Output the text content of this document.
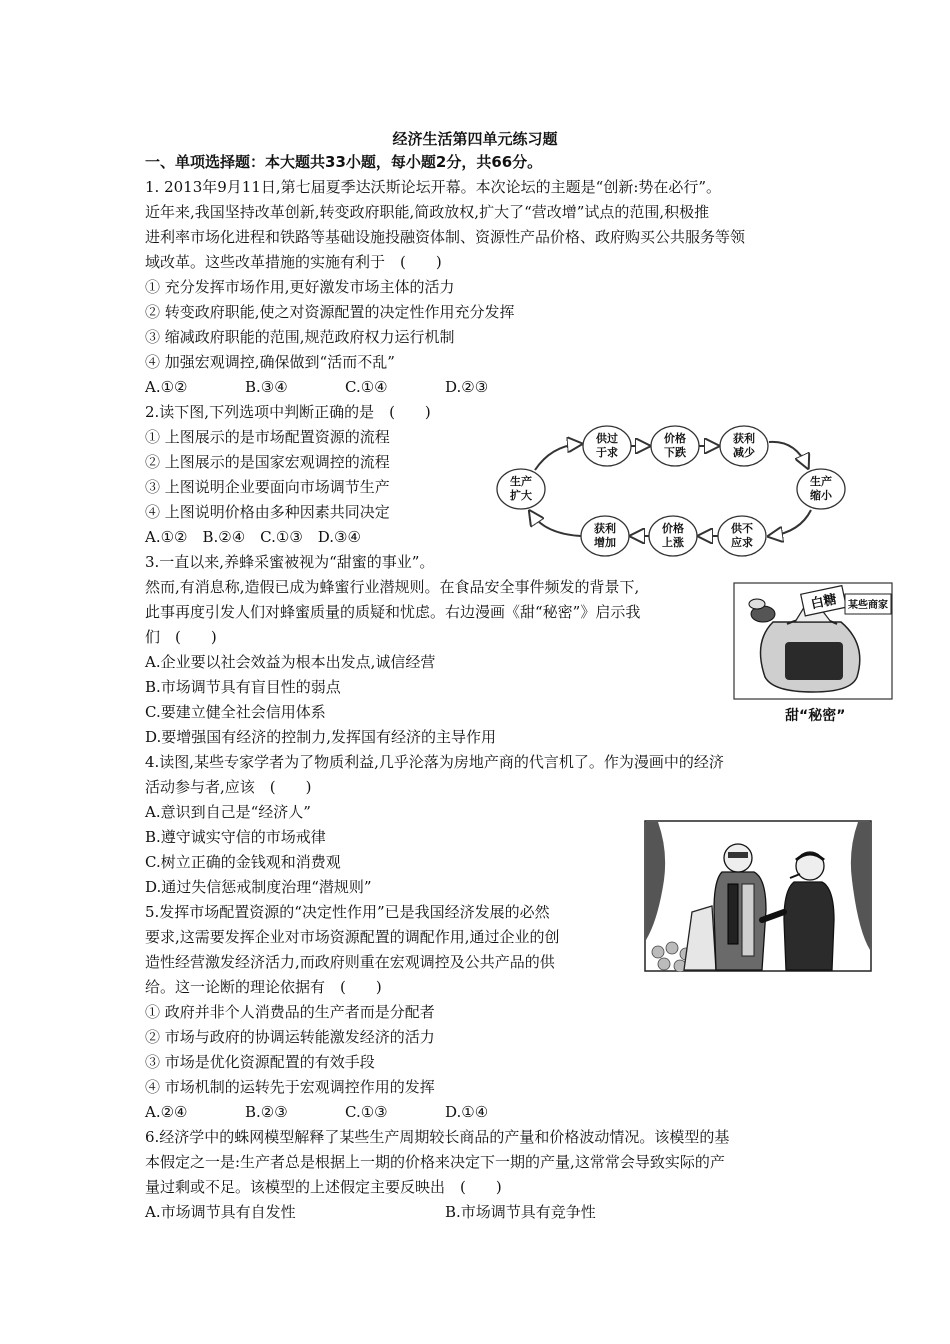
经济生活第四单元练习题
一、单项选择题：本大题共33小题，每小题2分，共66分。
1. 2013年9月11日,第七届夏季达沃斯论坛开幕。本次论坛的主题是“创新:势在必行”。
近年来,我国坚持改革创新,转变政府职能,简政放权,扩大了“营改增”试点的范围,积极推
进利率市场化进程和铁路等基础设施投融资体制、资源性产品价格、政府购买公共服务等领
域改革。这些改革措施的实施有利于　(　　)
① 充分发挥市场作用,更好激发市场主体的活力
② 转变政府职能,使之对资源配置的决定性作用充分发挥
③ 缩减政府职能的范围,规范政府权力运行机制
④ 加强宏观调控,确保做到“活而不乱”
A.①②	B.③④	C.①④	D.②③
2.读下图,下列选项中判断正确的是　(　　)
① 上图展示的是市场配置资源的流程
② 上图展示的是国家宏观调控的流程
③ 上图说明企业要面向市场调节生产
④ 上图说明价格由多种因素共同决定
A.①②　B.②④　C.①③　D.③④
供过
于求
价格
下跌
获利
减少
生产
缩小
供不
应求
价格
上涨
获利
增加
生产
扩大
3.一直以来,养蜂采蜜被视为“甜蜜的事业”。
然而,有消息称,造假已成为蜂蜜行业潜规则。在食品安全事件频发的背景下,
此事再度引发人们对蜂蜜质量的质疑和忧虑。右边漫画《甜“秘密”》启示我
们　(　　)
A.企业要以社会效益为根本出发点,诚信经营
B.市场调节具有盲目性的弱点
C.要建立健全社会信用体系
D.要增强国有经济的控制力,发挥国有经济的主导作用
白糖 某些商家
甜“秘密”
4.读图,某些专家学者为了物质利益,几乎沦落为房地产商的代言机了。作为漫画中的经济
活动参与者,应该　(　　)
A.意识到自己是“经济人”
B.遵守诚实守信的市场戒律
C.树立正确的金钱观和消费观
D.通过失信惩戒制度治理“潜规则”
5.发挥市场配置资源的“决定性作用”已是我国经济发展的必然
要求,这需要发挥企业对市场资源配置的调配作用,通过企业的创
造性经营激发经济活力,而政府则重在宏观调控及公共产品的供
给。这一论断的理论依据有　(　　)
① 政府并非个人消费品的生产者而是分配者
② 市场与政府的协调运转能激发经济的活力
③ 市场是优化资源配置的有效手段
④ 市场机制的运转先于宏观调控作用的发挥
A.②④	B.②③	C.①③	D.①④
6.经济学中的蛛网模型解释了某些生产周期较长商品的产量和价格波动情况。该模型的基
本假定之一是:生产者总是根据上一期的价格来决定下一期的产量,这常常会导致实际的产
量过剩或不足。该模型的上述假定主要反映出　(　　)
A.市场调节具有自发性	B.市场调节具有竞争性
